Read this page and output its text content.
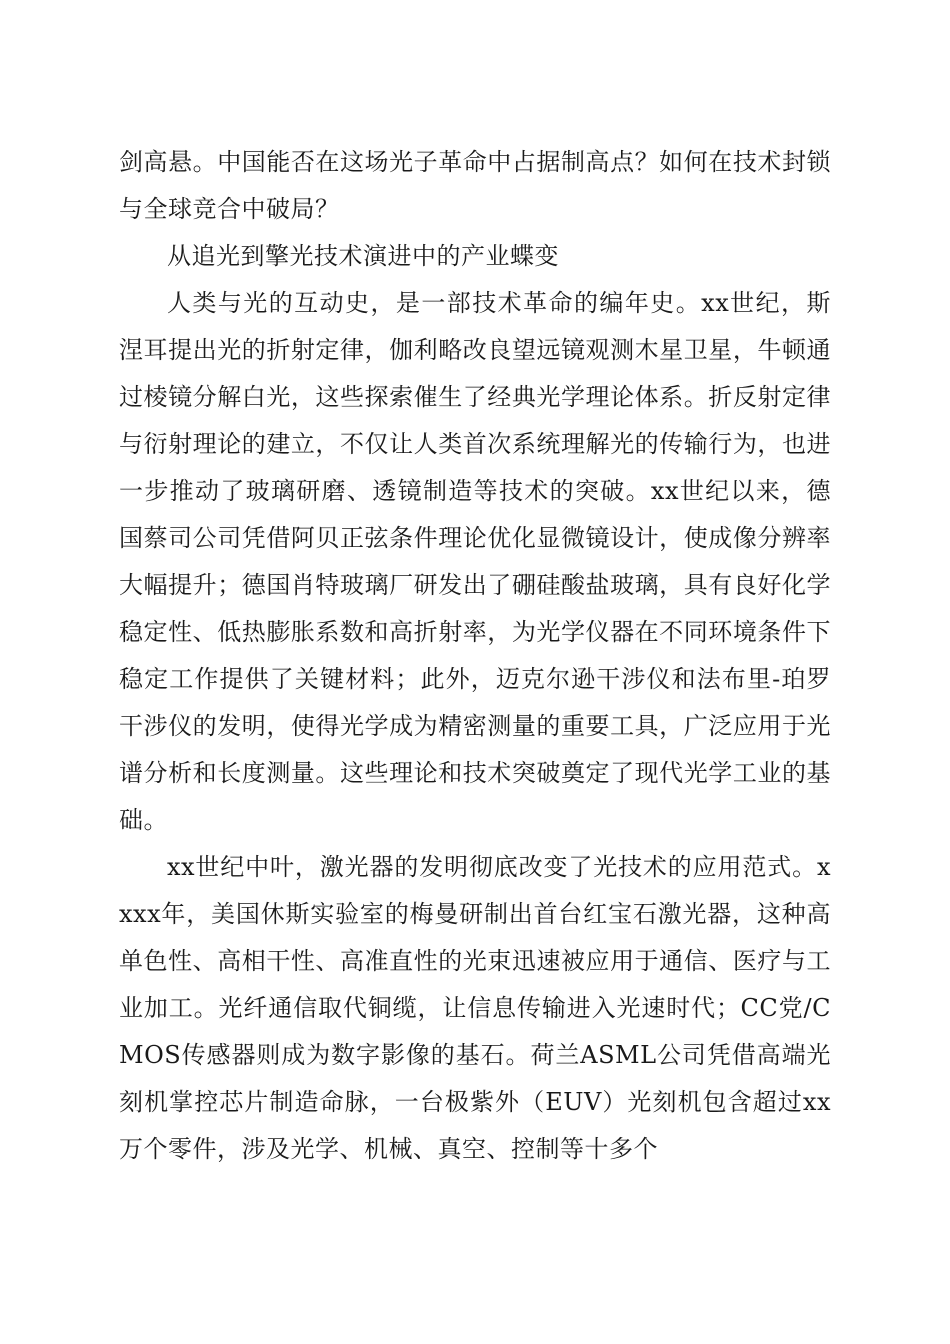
剑高悬。中国能否在这场光子革命中占据制高点？如何在技术封锁与全球竞合中破局？

从追光到擎光技术演进中的产业蝶变

人类与光的互动史，是一部技术革命的编年史。xx世纪，斯涅耳提出光的折射定律，伽利略改良望远镜观测木星卫星，牛顿通过棱镜分解白光，这些探索催生了经典光学理论体系。折反射定律与衍射理论的建立，不仅让人类首次系统理解光的传输行为，也进一步推动了玻璃研磨、透镜制造等技术的突破。xx世纪以来，德国蔡司公司凭借阿贝正弦条件理论优化显微镜设计，使成像分辨率大幅提升；德国肖特玻璃厂研发出了硼硅酸盐玻璃，具有良好化学稳定性、低热膨胀系数和高折射率，为光学仪器在不同环境条件下稳定工作提供了关键材料；此外，迈克尔逊干涉仪和法布里-珀罗干涉仪的发明，使得光学成为精密测量的重要工具，广泛应用于光谱分析和长度测量。这些理论和技术突破奠定了现代光学工业的基础。

xx世纪中叶，激光器的发明彻底改变了光技术的应用范式。xxxx年，美国休斯实验室的梅曼研制出首台红宝石激光器，这种高单色性、高相干性、高准直性的光束迅速被应用于通信、医疗与工业加工。光纤通信取代铜缆，让信息传输进入光速时代；CC党/CMOS传感器则成为数字影像的基石。荷兰ASML公司凭借高端光刻机掌控芯片制造命脉，一台极紫外（EUV）光刻机包含超过xx万个零件，涉及光学、机械、真空、控制等十多个
